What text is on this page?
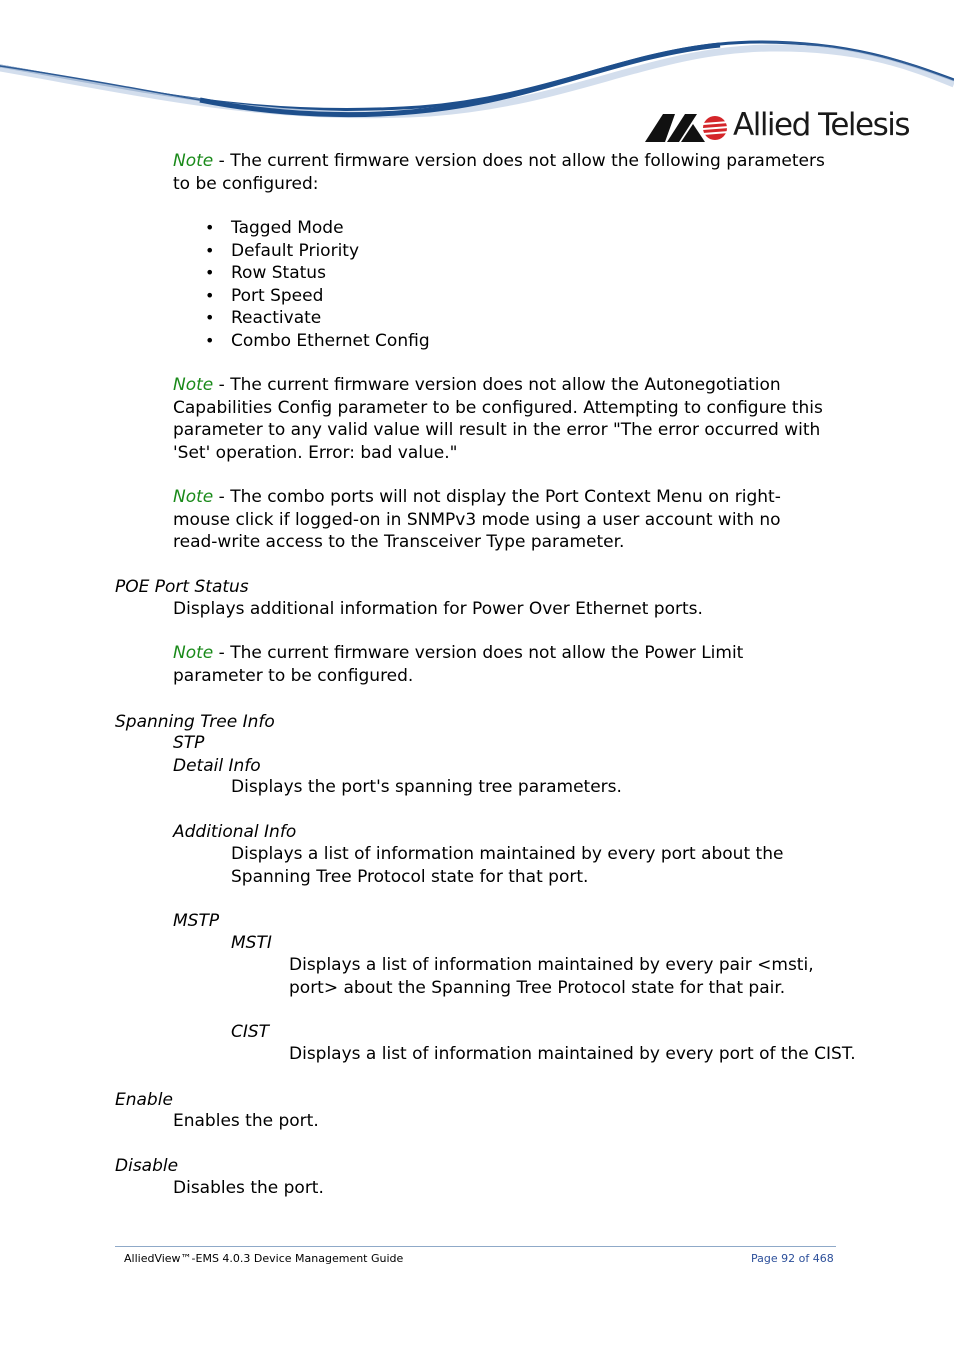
Allied Telesis

Note - The current firmware version does not allow the following parameters to be configured:

• Tagged Mode
• Default Priority
• Row Status
• Port Speed
• Reactivate
• Combo Ethernet Config

Note - The current firmware version does not allow the Autonegotiation Capabilities Config parameter to be configured. Attempting to configure this parameter to any valid value will result in the error "The error occurred with 'Set' operation. Error: bad value."

Note - The combo ports will not display the Port Context Menu on right-mouse click if logged-on in SNMPv3 mode using a user account with no read-write access to the Transceiver Type parameter.

POE Port Status

Displays additional information for Power Over Ethernet ports.

Note - The current firmware version does not allow the Power Limit parameter to be configured.

Spanning Tree Info

STP

Detail Info

Displays the port's spanning tree parameters.

Additional Info

Displays a list of information maintained by every port about the Spanning Tree Protocol state for that port.

MSTP

MSTI

Displays a list of information maintained by every pair <msti, port> about the Spanning Tree Protocol state for that pair.

CIST

Displays a list of information maintained by every port of the CIST.

Enable

Enables the port.

Disable

Disables the port.

AlliedView™-EMS 4.0.3 Device Management Guide	Page 92 of 468
